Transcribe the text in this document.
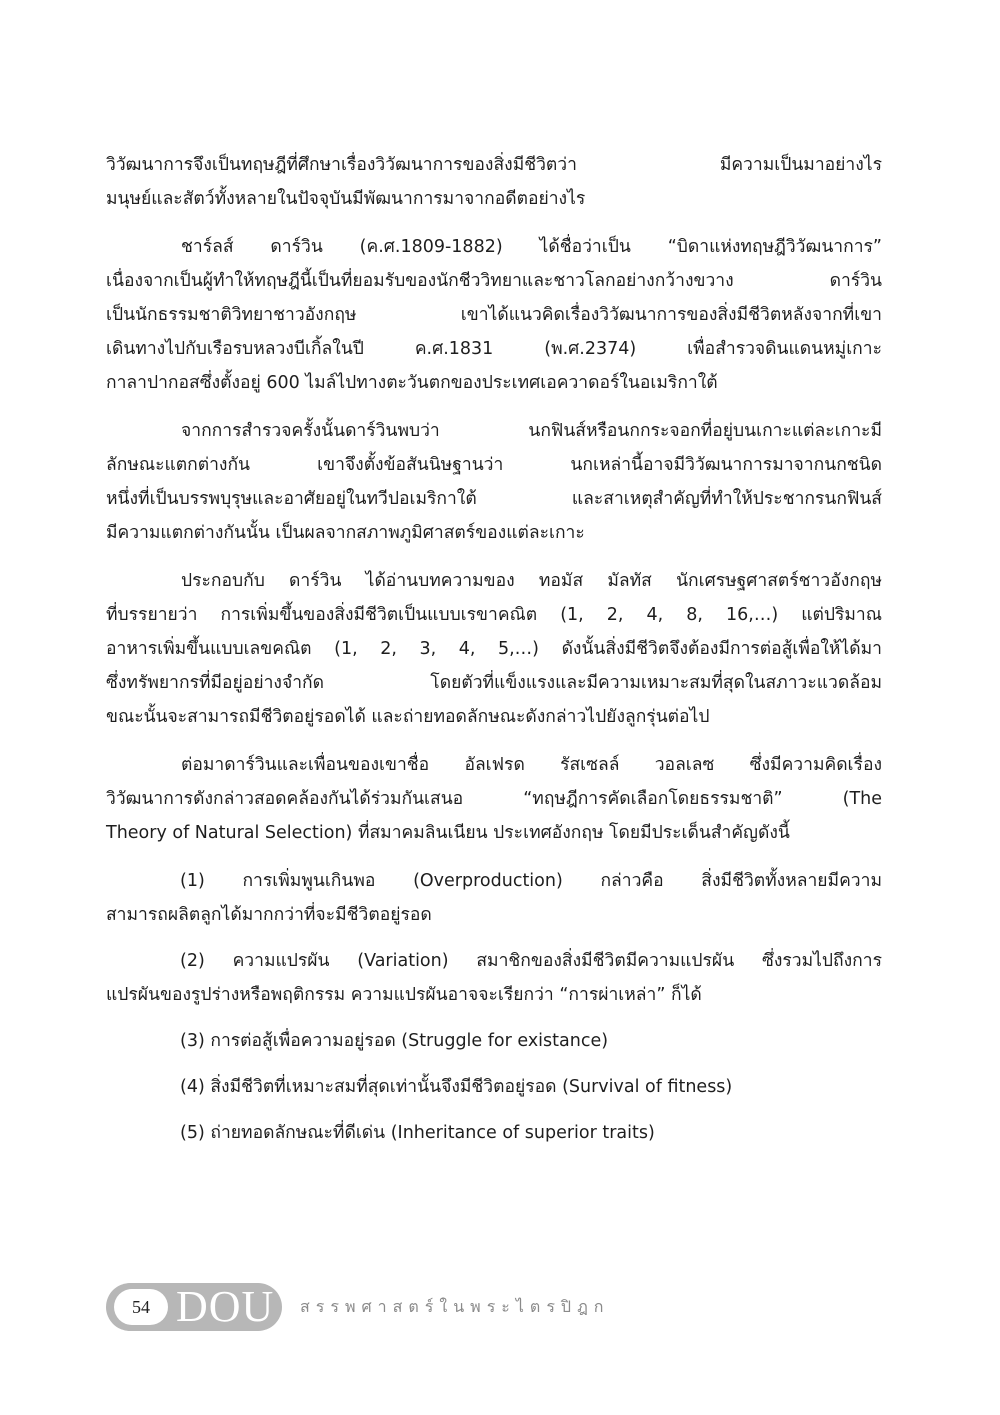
วิวัฒนาการจึงเป็นทฤษฎีที่ศึกษาเรื่องวิวัฒนาการของสิ่งมีชีวิตว่า มีความเป็นมาอย่างไร
มนุษย์และสัตว์ทั้งหลายในปัจจุบันมีพัฒนาการมาจากอดีตอย่างไร
ชาร์ลส์ ดาร์วิน (ค.ศ.1809-1882) ได้ชื่อว่าเป็น “บิดาแห่งทฤษฎีวิวัฒนาการ”
เนื่องจากเป็นผู้ทำให้ทฤษฎีนี้เป็นที่ยอมรับของนักชีววิทยาและชาวโลกอย่างกว้างขวาง ดาร์วิน
เป็นนักธรรมชาติวิทยาชาวอังกฤษ เขาได้แนวคิดเรื่องวิวัฒนาการของสิ่งมีชีวิตหลังจากที่เขา
เดินทางไปกับเรือรบหลวงบีเกิ้ลในปี ค.ศ.1831 (พ.ศ.2374) เพื่อสำรวจดินแดนหมู่เกาะ
กาลาปากอสซึ่งตั้งอยู่ 600 ไมล์ไปทางตะวันตกของประเทศเอควาดอร์ในอเมริกาใต้
จากการสำรวจครั้งนั้นดาร์วินพบว่า นกฟินส์หรือนกกระจอกที่อยู่บนเกาะแต่ละเกาะมี
ลักษณะแตกต่างกัน เขาจึงตั้งข้อสันนิษฐานว่า นกเหล่านี้อาจมีวิวัฒนาการมาจากนกชนิด
หนึ่งที่เป็นบรรพบุรุษและอาศัยอยู่ในทวีปอเมริกาใต้ และสาเหตุสำคัญที่ทำให้ประชากรนกฟินส์
มีความแตกต่างกันนั้น เป็นผลจากสภาพภูมิศาสตร์ของแต่ละเกาะ
ประกอบกับ ดาร์วิน ได้อ่านบทความของ ทอมัส มัลทัส นักเศรษฐศาสตร์ชาวอังกฤษ
ที่บรรยายว่า การเพิ่มขึ้นของสิ่งมีชีวิตเป็นแบบเรขาคณิต (1, 2, 4, 8, 16,…) แต่ปริมาณ
อาหารเพิ่มขึ้นแบบเลขคณิต (1, 2, 3, 4, 5,…) ดังนั้นสิ่งมีชีวิตจึงต้องมีการต่อสู้เพื่อให้ได้มา
ซึ่งทรัพยากรที่มีอยู่อย่างจำกัด โดยตัวที่แข็งแรงและมีความเหมาะสมที่สุดในสภาวะแวดล้อม
ขณะนั้นจะสามารถมีชีวิตอยู่รอดได้ และถ่ายทอดลักษณะดังกล่าวไปยังลูกรุ่นต่อไป
ต่อมาดาร์วินและเพื่อนของเขาชื่อ อัลเฟรด รัสเซลล์ วอลเลซ ซึ่งมีความคิดเรื่อง
วิวัฒนาการดังกล่าวสอดคล้องกันได้ร่วมกันเสนอ “ทฤษฎีการคัดเลือกโดยธรรมชาติ” (The
Theory of Natural Selection) ที่สมาคมลินเนียน ประเทศอังกฤษ โดยมีประเด็นสำคัญดังนี้
(1) การเพิ่มพูนเกินพอ (Overproduction) กล่าวคือ สิ่งมีชีวิตทั้งหลายมีความ
สามารถผลิตลูกได้มากกว่าที่จะมีชีวิตอยู่รอด
(2) ความแปรผัน (Variation) สมาชิกของสิ่งมีชีวิตมีความแปรผัน ซึ่งรวมไปถึงการ
แปรผันของรูปร่างหรือพฤติกรรม ความแปรผันอาจจะเรียกว่า “การผ่าเหล่า” ก็ได้
(3) การต่อสู้เพื่อความอยู่รอด (Struggle for existance)
(4) สิ่งมีชีวิตที่เหมาะสมที่สุดเท่านั้นจึงมีชีวิตอยู่รอด (Survival of fitness)
(5) ถ่ายทอดลักษณะที่ดีเด่น (Inheritance of superior traits)
54 DOU สรรพศาสตร์ในพระไตรปิฎก
